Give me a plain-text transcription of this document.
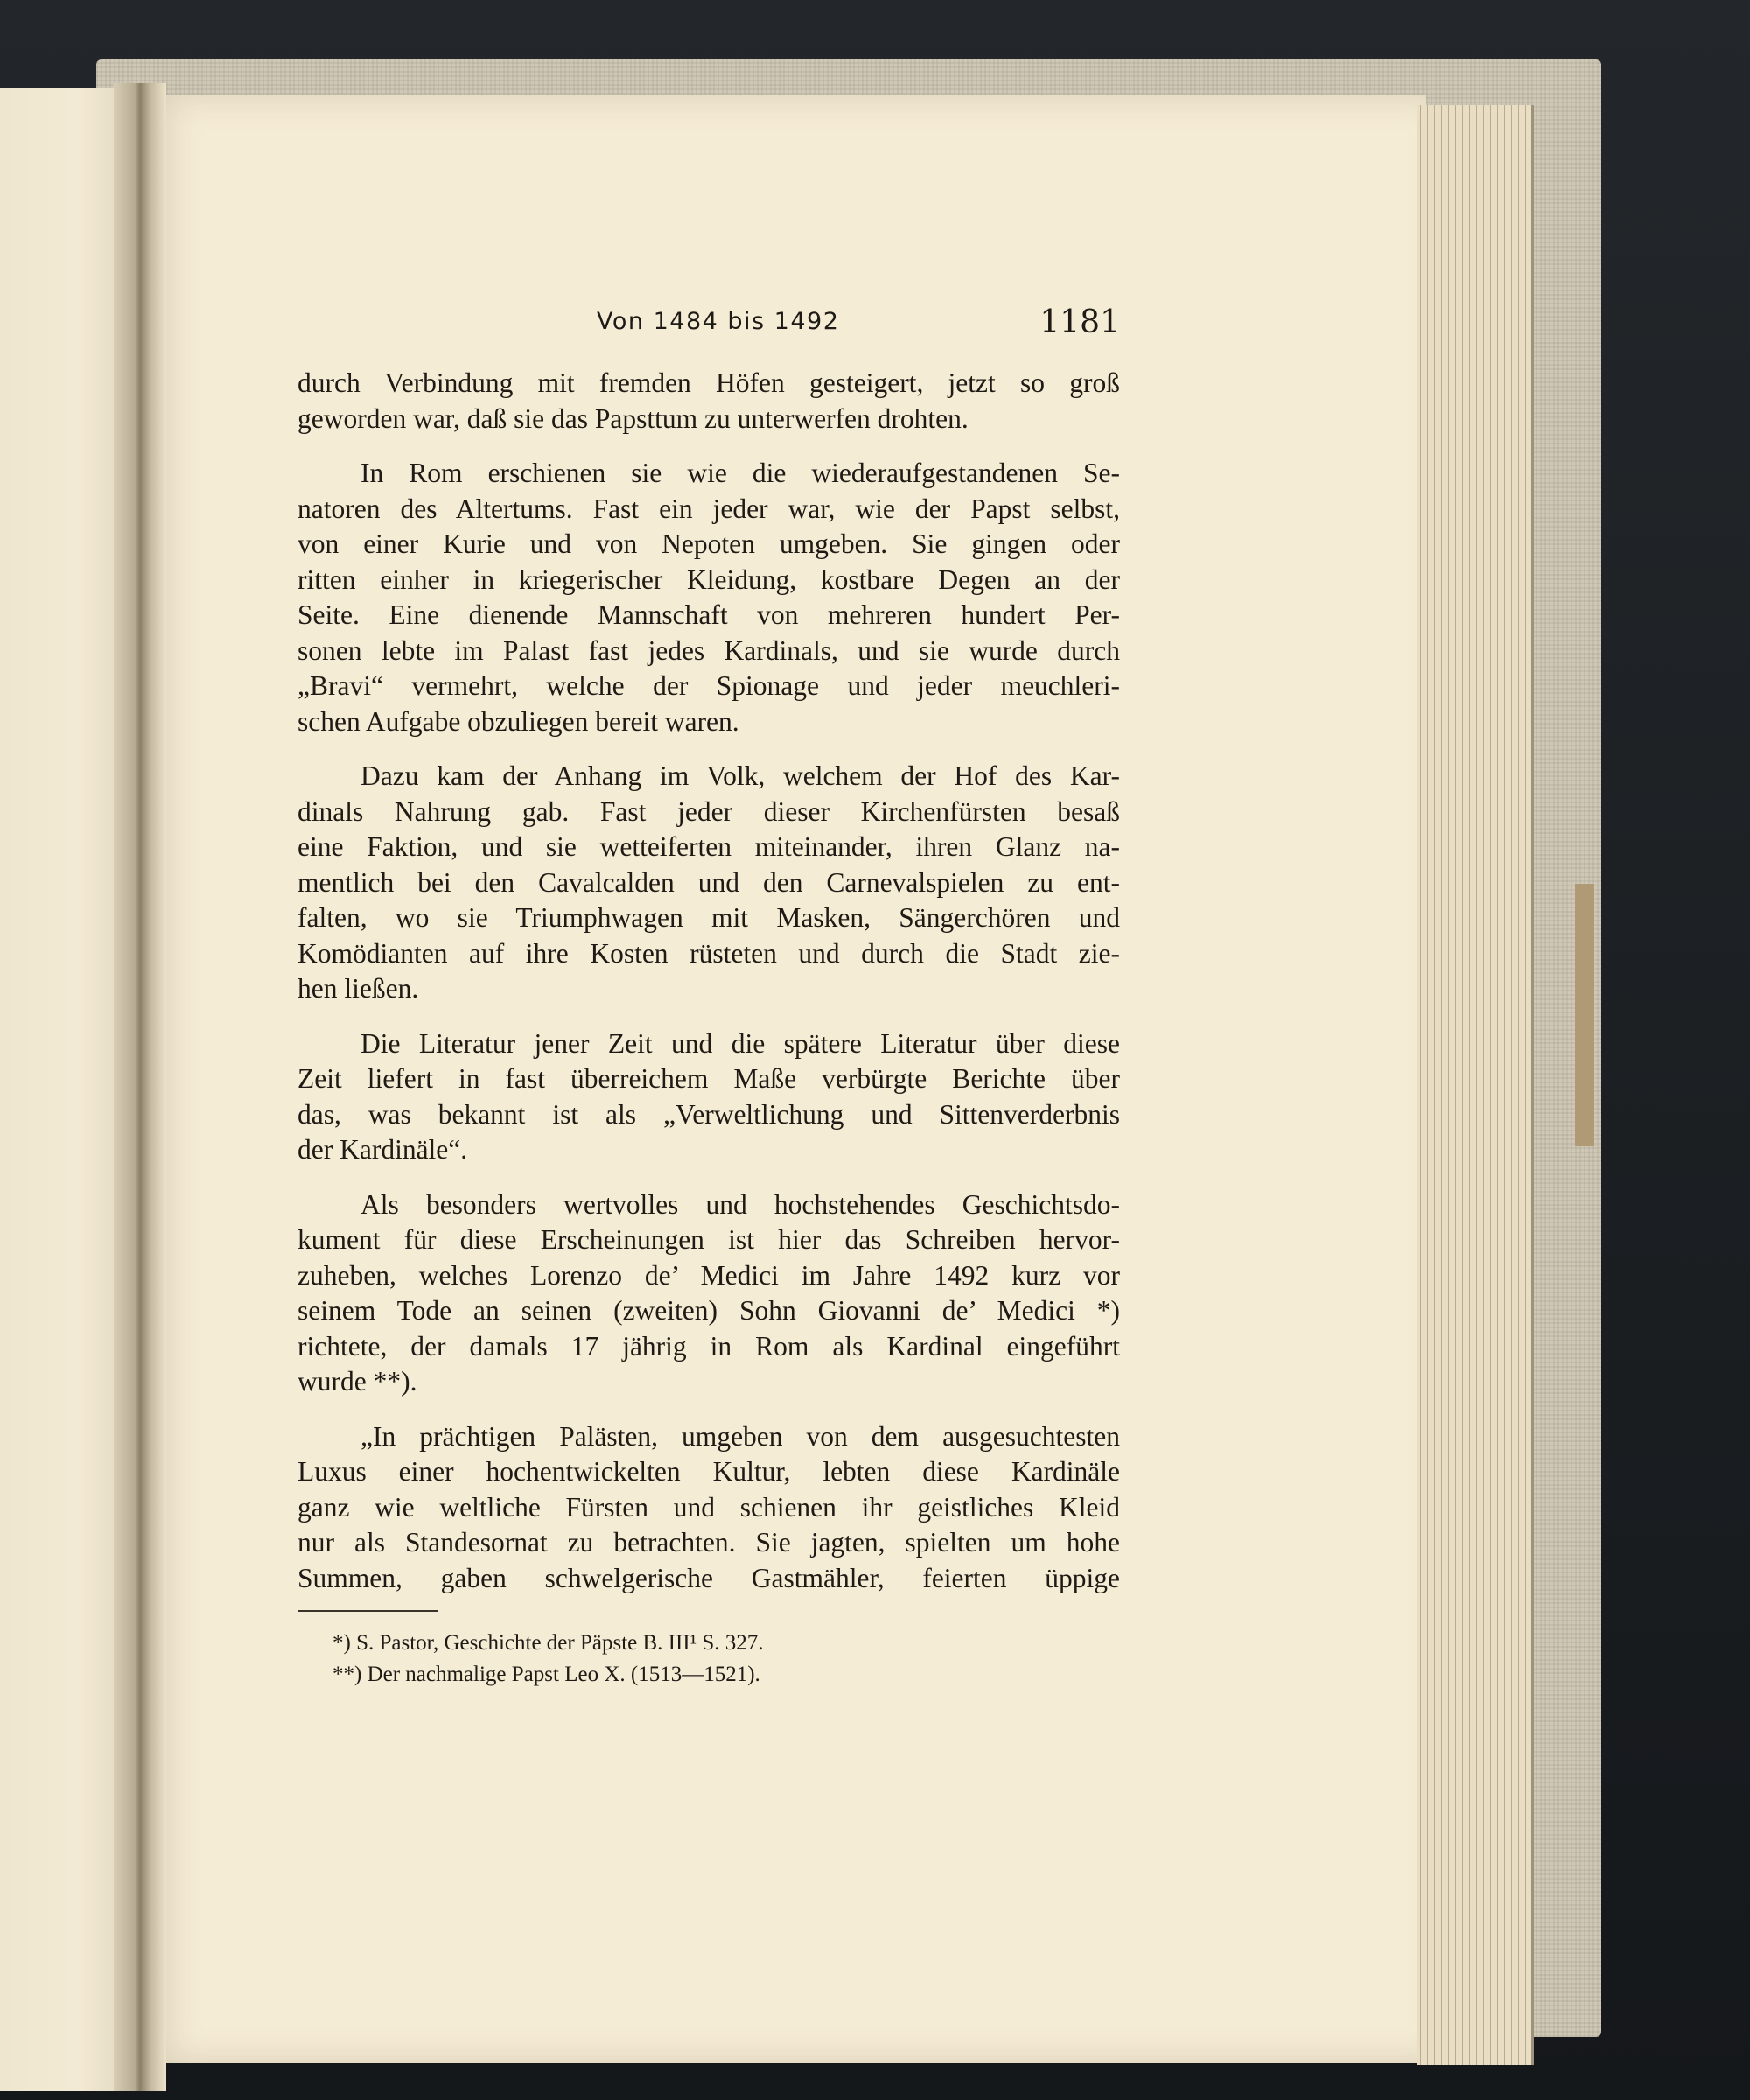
Von 1484 bis 1492	1181
durch Verbindung mit fremden Höfen gesteigert, jetzt so groß
geworden war, daß sie das Papsttum zu unterwerfen drohten.
In Rom erschienen sie wie die wiederaufgestandenen Se-
natoren des Altertums. Fast ein jeder war, wie der Papst selbst,
von einer Kurie und von Nepoten umgeben. Sie gingen oder
ritten einher in kriegerischer Kleidung, kostbare Degen an der
Seite. Eine dienende Mannschaft von mehreren hundert Per-
sonen lebte im Palast fast jedes Kardinals, und sie wurde durch
„Bravi“ vermehrt, welche der Spionage und jeder meuchleri-
schen Aufgabe obzuliegen bereit waren.
Dazu kam der Anhang im Volk, welchem der Hof des Kar-
dinals Nahrung gab. Fast jeder dieser Kirchenfürsten besaß
eine Faktion, und sie wetteiferten miteinander, ihren Glanz na-
mentlich bei den Cavalcalden und den Carnevalspielen zu ent-
falten, wo sie Triumphwagen mit Masken, Sängerchören und
Komödianten auf ihre Kosten rüsteten und durch die Stadt zie-
hen ließen.
Die Literatur jener Zeit und die spätere Literatur über diese
Zeit liefert in fast überreichem Maße verbürgte Berichte über
das, was bekannt ist als „Verweltlichung und Sittenverderbnis
der Kardinäle“.
Als besonders wertvolles und hochstehendes Geschichtsdo-
kument für diese Erscheinungen ist hier das Schreiben hervor-
zuheben, welches Lorenzo de’ Medici im Jahre 1492 kurz vor
seinem Tode an seinen (zweiten) Sohn Giovanni de’ Medici *)
richtete, der damals 17 jährig in Rom als Kardinal eingeführt
wurde **).
„In prächtigen Palästen, umgeben von dem ausgesuchtesten
Luxus einer hochentwickelten Kultur, lebten diese Kardinäle
ganz wie weltliche Fürsten und schienen ihr geistliches Kleid
nur als Standesornat zu betrachten. Sie jagten, spielten um hohe
Summen, gaben schwelgerische Gastmähler, feierten üppige
*) S. Pastor, Geschichte der Päpste B. III¹ S. 327.
**) Der nachmalige Papst Leo X. (1513—1521).
